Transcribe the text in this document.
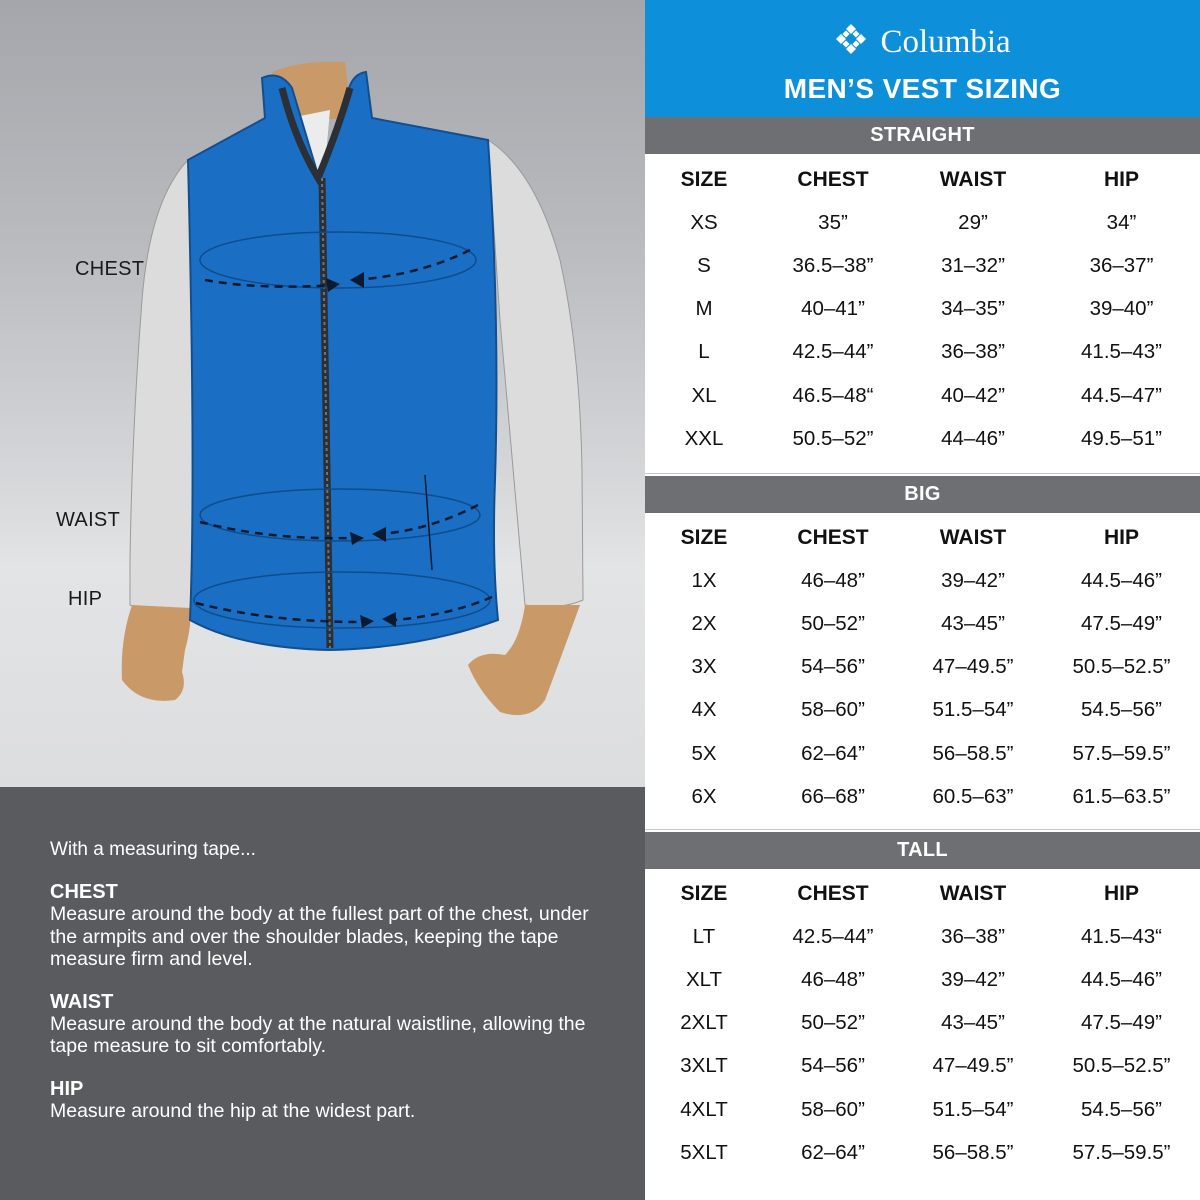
CHEST
WAIST
HIP
With a measuring tape...
CHEST
Measure around the body at the fullest part of the chest, under the armpits and over the shoulder blades, keeping the tape measure firm and level.
WAIST
Measure around the body at the natural waistline, allowing the tape measure to sit comfortably.
HIP
Measure around the hip at the widest part.
Columbia
MEN’S VEST SIZING
STRAIGHT
SIZE	CHEST	WAIST	HIP
XS	35”	29”	34”
S	36.5–38”	31–32”	36–37”
M	40–41”	34–35”	39–40”
L	42.5–44”	36–38”	41.5–43”
XL	46.5–48“	40–42”	44.5–47”
XXL	50.5–52”	44–46”	49.5–51”
BIG
SIZE	CHEST	WAIST	HIP
1X	46–48”	39–42”	44.5–46”
2X	50–52”	43–45”	47.5–49”
3X	54–56”	47–49.5”	50.5–52.5”
4X	58–60”	51.5–54”	54.5–56”
5X	62–64”	56–58.5”	57.5–59.5”
6X	66–68”	60.5–63”	61.5–63.5”
TALL
SIZE	CHEST	WAIST	HIP
LT	42.5–44”	36–38”	41.5–43“
XLT	46–48”	39–42”	44.5–46”
2XLT	50–52”	43–45”	47.5–49”
3XLT	54–56”	47–49.5”	50.5–52.5”
4XLT	58–60”	51.5–54”	54.5–56”
5XLT	62–64”	56–58.5”	57.5–59.5”
